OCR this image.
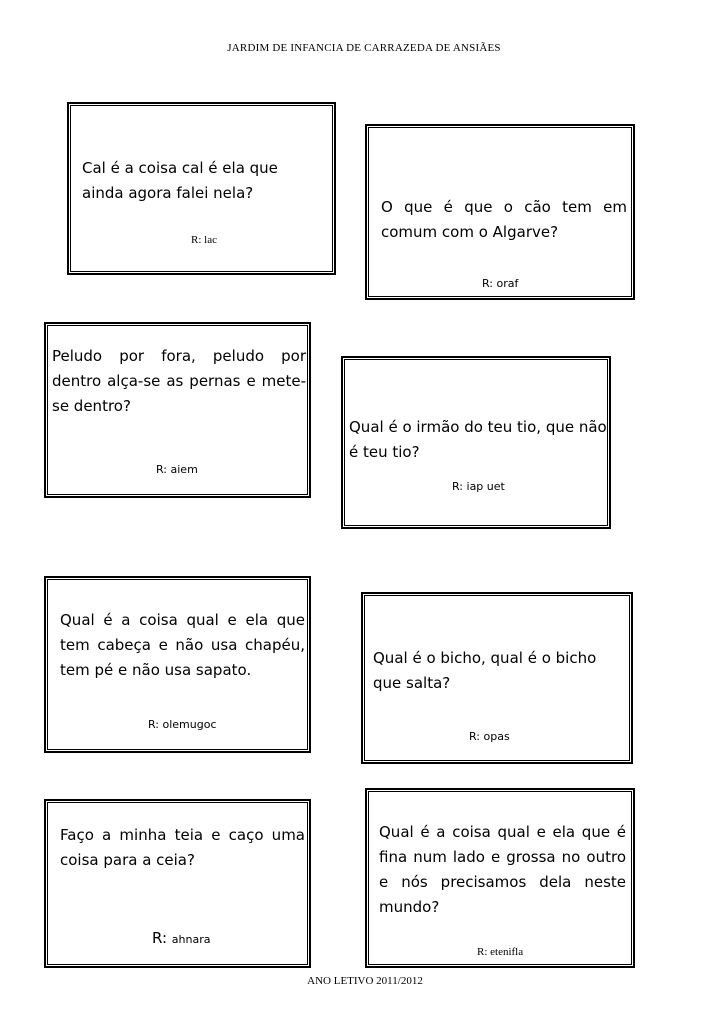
JARDIM DE INFANCIA DE CARRAZEDA DE ANSIÃES

Cal é a coisa cal é ela que ainda agora falei nela?

R: lac

O que é que o cão tem em comum com o Algarve?

R: oraf

Peludo por fora, peludo por dentro alça-se as pernas e mete-se dentro?

R: aiem

Qual é o irmão do teu tio, que não é teu tio?

R: iap uet

Qual é a coisa qual e ela que tem cabeça e não usa chapéu, tem pé e não usa sapato.

R: olemugoc

Qual é o bicho, qual é o bicho que salta?

R: opas

Faço a minha teia e caço uma coisa para a ceia?

R: ahnara

Qual é a coisa qual e ela que é fina num lado e grossa no outro e nós precisamos dela neste mundo?

R: etenifla
ANO LETIVO 2011/2012
